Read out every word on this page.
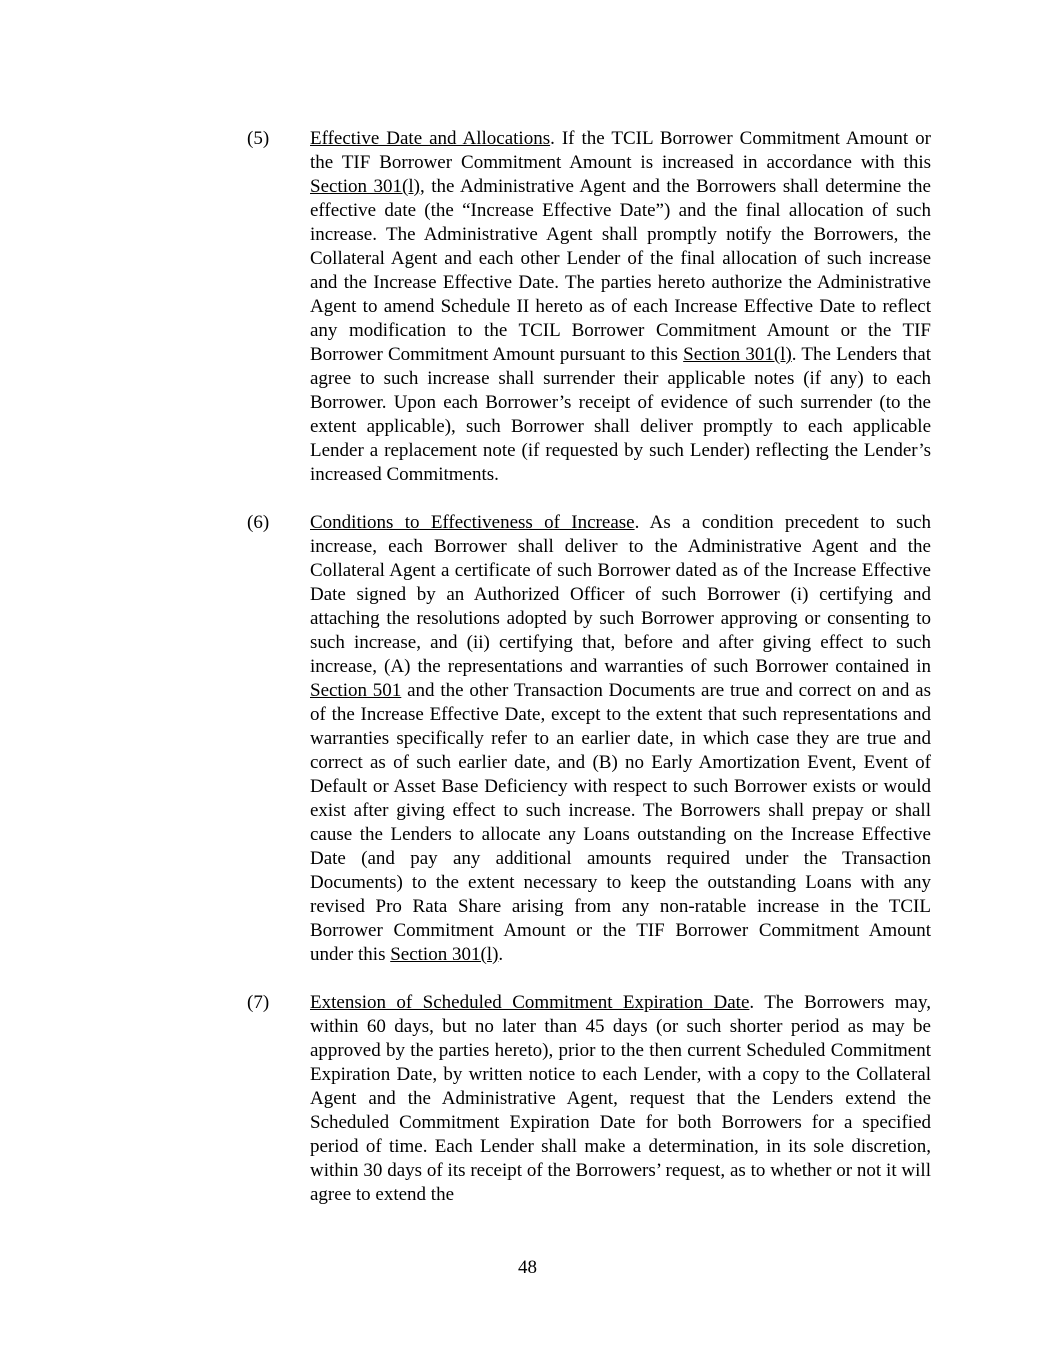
(5) Effective Date and Allocations. If the TCIL Borrower Commitment Amount or the TIF Borrower Commitment Amount is increased in accordance with this Section 301(l), the Administrative Agent and the Borrowers shall determine the effective date (the “Increase Effective Date”) and the final allocation of such increase. The Administrative Agent shall promptly notify the Borrowers, the Collateral Agent and each other Lender of the final allocation of such increase and the Increase Effective Date. The parties hereto authorize the Administrative Agent to amend Schedule II hereto as of each Increase Effective Date to reflect any modification to the TCIL Borrower Commitment Amount or the TIF Borrower Commitment Amount pursuant to this Section 301(l). The Lenders that agree to such increase shall surrender their applicable notes (if any) to each Borrower. Upon each Borrower’s receipt of evidence of such surrender (to the extent applicable), such Borrower shall deliver promptly to each applicable Lender a replacement note (if requested by such Lender) reflecting the Lender’s increased Commitments.
(6) Conditions to Effectiveness of Increase. As a condition precedent to such increase, each Borrower shall deliver to the Administrative Agent and the Collateral Agent a certificate of such Borrower dated as of the Increase Effective Date signed by an Authorized Officer of such Borrower (i) certifying and attaching the resolutions adopted by such Borrower approving or consenting to such increase, and (ii) certifying that, before and after giving effect to such increase, (A) the representations and warranties of such Borrower contained in Section 501 and the other Transaction Documents are true and correct on and as of the Increase Effective Date, except to the extent that such representations and warranties specifically refer to an earlier date, in which case they are true and correct as of such earlier date, and (B) no Early Amortization Event, Event of Default or Asset Base Deficiency with respect to such Borrower exists or would exist after giving effect to such increase. The Borrowers shall prepay or shall cause the Lenders to allocate any Loans outstanding on the Increase Effective Date (and pay any additional amounts required under the Transaction Documents) to the extent necessary to keep the outstanding Loans with any revised Pro Rata Share arising from any non-ratable increase in the TCIL Borrower Commitment Amount or the TIF Borrower Commitment Amount under this Section 301(l).
(7) Extension of Scheduled Commitment Expiration Date. The Borrowers may, within 60 days, but no later than 45 days (or such shorter period as may be approved by the parties hereto), prior to the then current Scheduled Commitment Expiration Date, by written notice to each Lender, with a copy to the Collateral Agent and the Administrative Agent, request that the Lenders extend the Scheduled Commitment Expiration Date for both Borrowers for a specified period of time. Each Lender shall make a determination, in its sole discretion, within 30 days of its receipt of the Borrowers’ request, as to whether or not it will agree to extend the
48
